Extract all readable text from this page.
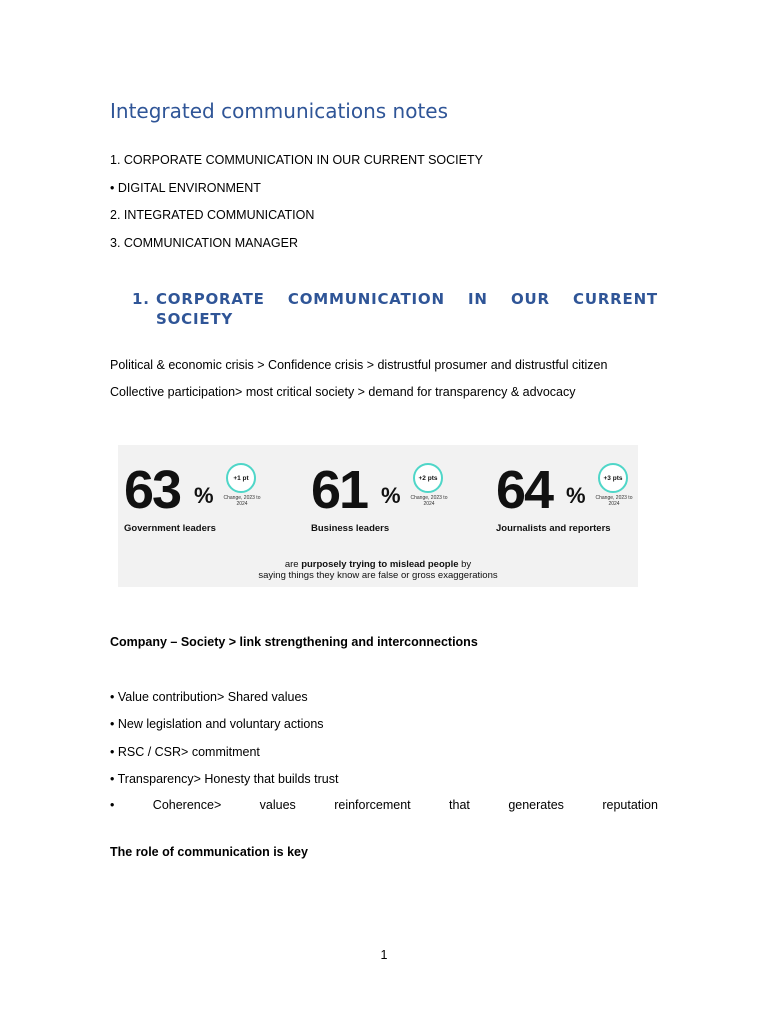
Integrated communications notes

1. CORPORATE COMMUNICATION IN OUR CURRENT SOCIETY

• DIGITAL ENVIRONMENT

2. INTEGRATED COMMUNICATION

3. COMMUNICATION MANAGER

1. CORPORATE COMMUNICATION IN OUR CURRENT
SOCIETY

Political & economic crisis > Confidence crisis > distrustful prosumer and distrustful citizen

Collective participation> most critical society > demand for transparency & advocacy

63 %
+1 pt
Change, 2023 to 2024
Government leaders
61 %
+2 pts
Change, 2023 to 2024
Business leaders
64 %
+3 pts
Change, 2023 to 2024
Journalists and reporters
are purposely trying to mislead people by
saying things they know are false or gross exaggerations

Company – Society > link strengthening and interconnections

• Value contribution> Shared values

• New legislation and voluntary actions

• RSC / CSR> commitment

• Transparency> Honesty that builds trust

•	Coherence>	values	reinforcement	that	generates	reputation

The role of communication is key

1
